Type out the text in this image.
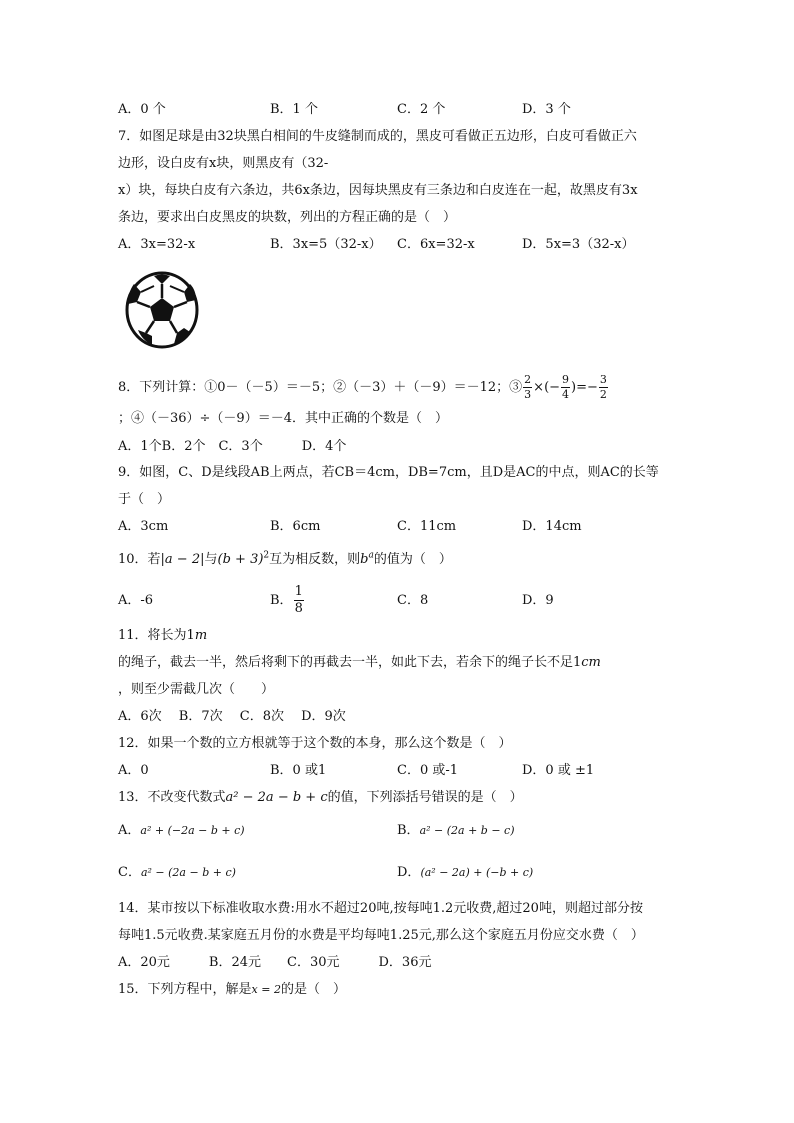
A．0 个	B．1 个	C．2 个	D．3 个
7．如图足球是由32块黑白相间的牛皮缝制而成的，黑皮可看做正五边形，白皮可看做正六
边形，设白皮有x块，则黑皮有（32-
x）块，每块白皮有六条边，共6x条边，因每块黑皮有三条边和白皮连在一起，故黑皮有3x
条边，要求出白皮黑皮的块数，列出的方程正确的是（　）
A．3x=32-x	B．3x=5（32-x） C．6x=32-x	D．5x=3（32-x）
8．下列计算：①0－（－5）＝－5；②（－3）＋（－9）＝－12；③ $\frac{2}{3}$ ×(− $\frac{9}{4}$ )=− $\frac{3}{2}$
；④（－36）÷（－9）＝－4．其中正确的个数是（　）
A．1个B．2个　C．3个　　　D．4个
9．如图，C、D是线段AB上两点，若CB＝4cm，DB=7cm，且D是AC的中点，则AC的长等
于（　）
A．3cm	B．6cm	C．11cm	D．14cm
10．若|a − 2|与$(b + 3)^2$互为相反数，则$b^a$的值为（　）
A．-6	B． $\frac{1}{8}$	C．8	D．9
11．将长为1m
的绳子，截去一半，然后将剩下的再截去一半，如此下去，若余下的绳子长不足1cm
，则至少需截几次（　　）
A．6次　 B．7次　 C．8次　 D．9次
12．如果一个数的立方根就等于这个数的本身，那么这个数是（　）
A．0	B．0 或1	C．0 或-1	D．0 或 ±1
13．不改变代数式a² − 2a − b + c的值，下列添括号错误的是（　）
A．a² + (−2a − b + c)	B．a² − (2a + b − c)
C．a² − (2a − b + c)	D．(a² − 2a) + (−b + c)
14．某市按以下标准收取水费:用水不超过20吨,按每吨1.2元收费,超过20吨，则超过部分按
每吨1.5元收费.某家庭五月份的水费是平均每吨1.25元,那么这个家庭五月份应交水费（　）
A．20元　　　B．24元　　C．30元　　　D．36元
15．下列方程中，解是x = 2的是（　）
